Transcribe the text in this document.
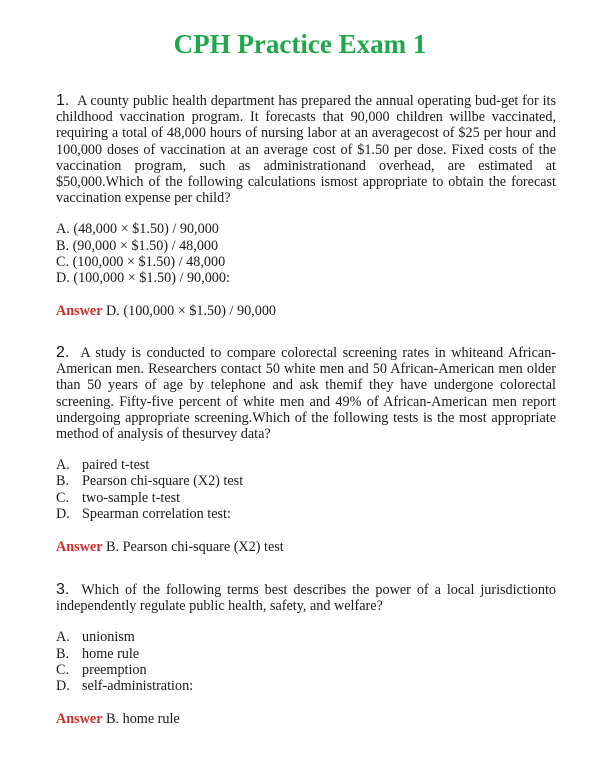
CPH Practice Exam 1

1. A county public health department has prepared the annual operating bud-get for its childhood vaccination program. It forecasts that 90,000 children willbe vaccinated, requiring a total of 48,000 hours of nursing labor at an averagecost of $25 per hour and 100,000 doses of vaccination at an average cost of $1.50 per dose. Fixed costs of the vaccination program, such as administrationand overhead, are estimated at $50,000.Which of the following calculations ismost appropriate to obtain the forecast vaccination expense per child?

A.
(48,000 × $1.50) / 90,000
B.
(90,000 × $1.50) / 48,000
C.
(100,000 × $1.50) / 48,000
D.
(100,000 × $1.50) / 90,000:
Answer D. (100,000 × $1.50) / 90,000

2. A study is conducted to compare colorectal screening rates in whiteand African-American men. Researchers contact 50 white men and 50 African-American men older than 50 years of age by telephone and ask themif they have undergone colorectal screening. Fifty-five percent of white men and 49% of African-American men report undergoing appropriate screening.Which of the following tests is the most appropriate method of analysis of thesurvey data?

A. paired t-test
B. Pearson chi-square (X2) test
C. two-sample t-test
D. Spearman correlation test:
Answer B. Pearson chi-square (X2) test

3. Which of the following terms best describes the power of a local jurisdictionto independently regulate public health, safety, and welfare?

A. unionism
B. home rule
C. preemption
D. self-administration:
Answer B. home rule
